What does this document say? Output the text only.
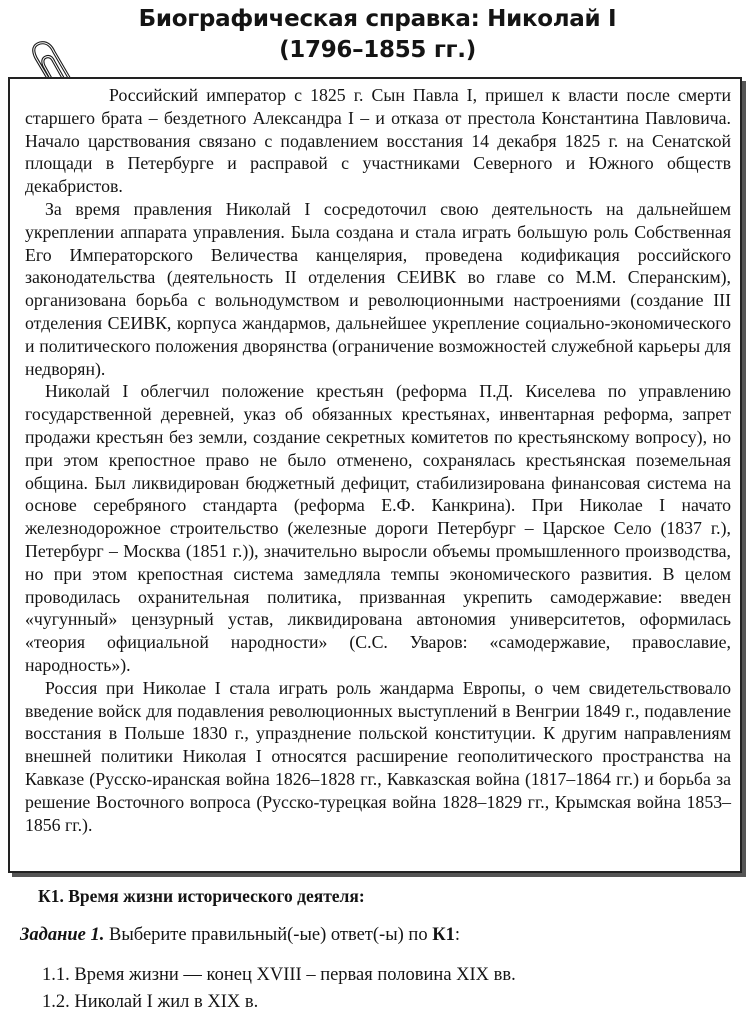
Биографическая справка: Николай I
(1796–1855 гг.)

Российский император с 1825 г. Сын Павла I, пришел к власти после смерти старшего брата – бездетного Александра I – и отказа от престола Константина Павловича. Начало царствования связано с подавлением восстания 14 декабря 1825 г. на Сенатской площади в Петербурге и расправой с участниками Северного и Южного обществ декабристов.

За время правления Николай I сосредоточил свою деятельность на дальнейшем укреплении аппарата управления. Была создана и стала играть большую роль Собственная Его Императорского Величества канцелярия, проведена кодификация российского законодательства (деятельность II отделения СЕИВК во главе со М.М. Сперанским), организована борьба с вольнодумством и революционными настроениями (создание III отделения СЕИВК, корпуса жандармов, дальнейшее укрепление социально-экономического и политического положения дворянства (ограничение возможностей служебной карьеры для недворян).

Николай I облегчил положение крестьян (реформа П.Д. Киселева по управлению государственной деревней, указ об обязанных крестьянах, инвентарная реформа, запрет продажи крестьян без земли, создание секретных комитетов по крестьянскому вопросу), но при этом крепостное право не было отменено, сохранялась крестьянская поземельная община. Был ликвидирован бюджетный дефицит, стабилизирована финансовая система на основе серебряного стандарта (реформа Е.Ф. Канкрина). При Николае I начато железнодорожное строительство (железные дороги Петербург – Царское Село (1837 г.), Петербург – Москва (1851 г.)), значительно выросли объемы промышленного производства, но при этом крепостная система замедляла темпы экономического развития. В целом проводилась охранительная политика, призванная укрепить самодержавие: введен «чугунный» цензурный устав, ликвидирована автономия университетов, оформилась «теория официальной народности» (С.С. Уваров: «самодержавие, православие, народность»).

Россия при Николае I стала играть роль жандарма Европы, о чем свидетельствовало введение войск для подавления революционных выступлений в Венгрии 1849 г., подавление восстания в Польше 1830 г., упразднение польской конституции. К другим направлениям внешней политики Николая I относятся расширение геополитического пространства на Кавказе (Русско-иранская война 1826–1828 гг., Кавказская война (1817–1864 гг.) и борьба за решение Восточного вопроса (Русско-турецкая война 1828–1829 гг., Крымская война 1853–1856 гг.).

К1. Время жизни исторического деятеля:

Задание 1. Выберите правильный(-ые) ответ(-ы) по К1:

1.1. Время жизни — конец XVIII – первая половина XIX вв.
1.2. Николай I жил в XIX в.
